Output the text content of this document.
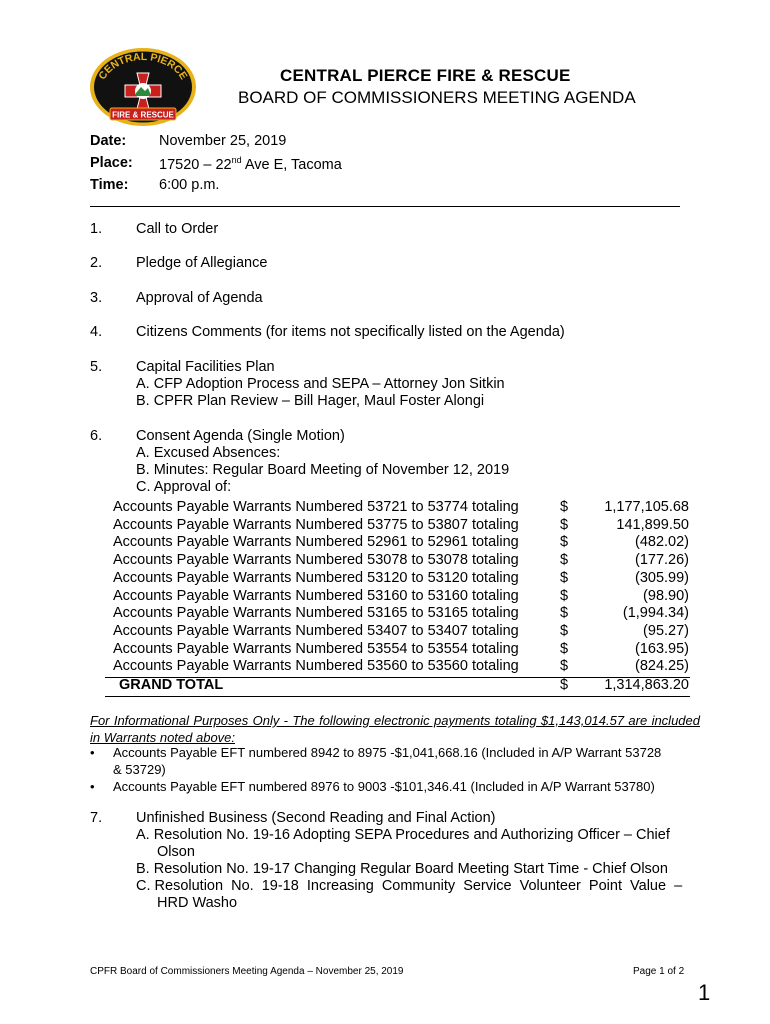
CENTRAL PIERCE
FIRE & RESCUE
CENTRAL PIERCE FIRE & RESCUE
BOARD OF COMMISSIONERS MEETING AGENDA
Date: November 25, 2019
Place: 17520 – 22nd Ave E, Tacoma
Time: 6:00 p.m.
1. Call to Order
2. Pledge of Allegiance
3. Approval of Agenda
4. Citizens Comments (for items not specifically listed on the Agenda)
5. Capital Facilities Plan
A. CFP Adoption Process and SEPA – Attorney Jon Sitkin
B. CPFR Plan Review – Bill Hager, Maul Foster Alongi
6. Consent Agenda (Single Motion)
A. Excused Absences:
B. Minutes: Regular Board Meeting of November 12, 2019
C. Approval of:
Accounts Payable Warrants Numbered 53721 to 53774 totaling	$	1,177,105.68
Accounts Payable Warrants Numbered 53775 to 53807 totaling	$	141,899.50
Accounts Payable Warrants Numbered 52961 to 52961 totaling	$	(482.02)
Accounts Payable Warrants Numbered 53078 to 53078 totaling	$	(177.26)
Accounts Payable Warrants Numbered 53120 to 53120 totaling	$	(305.99)
Accounts Payable Warrants Numbered 53160 to 53160 totaling	$	(98.90)
Accounts Payable Warrants Numbered 53165 to 53165 totaling	$	(1,994.34)
Accounts Payable Warrants Numbered 53407 to 53407 totaling	$	(95.27)
Accounts Payable Warrants Numbered 53554 to 53554 totaling	$	(163.95)
Accounts Payable Warrants Numbered 53560 to 53560 totaling	$	(824.25)
GRAND TOTAL	$	1,314,863.20
For Informational Purposes Only - The following electronic payments totaling $1,143,014.57 are included in Warrants noted above:
• Accounts Payable EFT numbered 8942 to 8975 -$1,041,668.16 (Included in A/P Warrant 53728
& 53729)
• Accounts Payable EFT numbered 8976 to 9003 -$101,346.41 (Included in A/P Warrant 53780)
7. Unfinished Business (Second Reading and Final Action)
A. Resolution No. 19-16 Adopting SEPA Procedures and Authorizing Officer – Chief
Olson
B. Resolution No. 19-17 Changing Regular Board Meeting Start Time - Chief Olson
C. Resolution  No.  19-18  Increasing  Community  Service  Volunteer  Point  Value  –
HRD Washo
CPFR Board of Commissioners Meeting Agenda – November 25, 2019	Page 1 of 2
1
